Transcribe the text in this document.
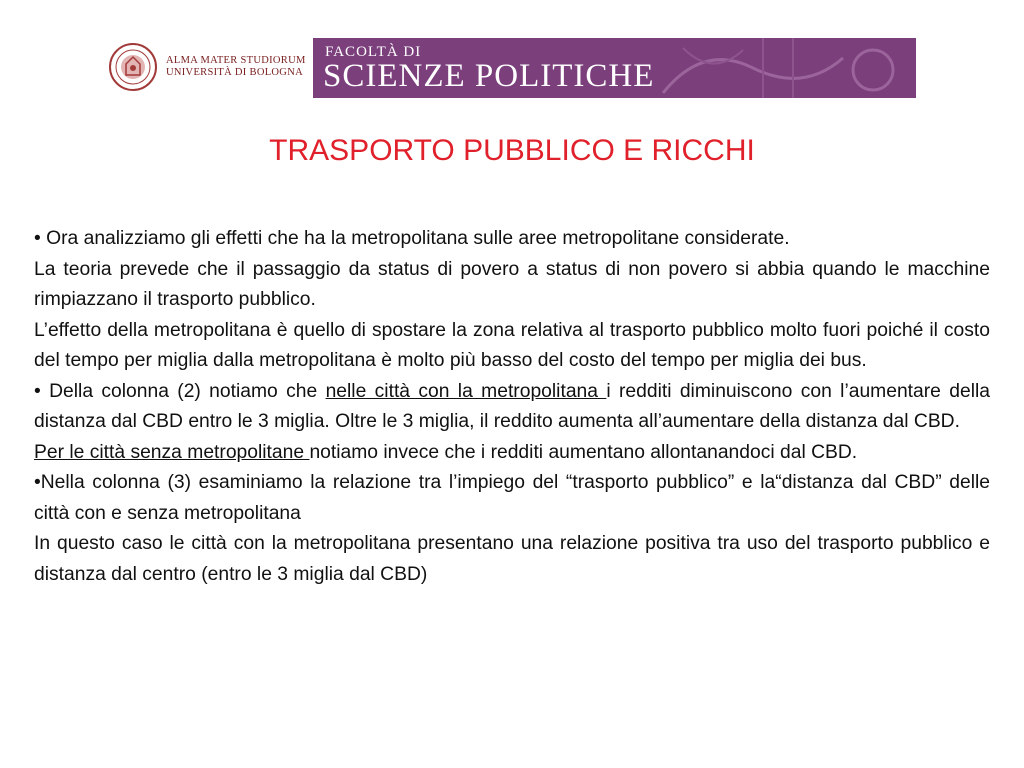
ALMA MATER STUDIORUM
UNIVERSITÀ DI BOLOGNA
FACOLTÀ DI
SCIENZE POLITICHE
TRASPORTO PUBBLICO E RICCHI

• Ora analizziamo gli effetti che ha la metropolitana sulle aree metropolitane considerate.

La teoria prevede che il passaggio da status di povero a status di non povero si abbia quando le macchine rimpiazzano il trasporto pubblico.

L’effetto della metropolitana è quello di spostare la zona relativa al trasporto pubblico molto fuori poiché il costo del tempo per miglia dalla metropolitana è molto più basso del costo del tempo per miglia dei bus.

• Della colonna (2) notiamo che nelle città con la metropolitana i redditi diminuiscono con l’aumentare della distanza dal CBD entro le 3 miglia. Oltre le 3 miglia, il reddito aumenta all’aumentare della distanza dal CBD.

Per le città senza metropolitane notiamo invece che i redditi aumentano allontanandoci dal CBD.

•Nella colonna (3) esaminiamo la relazione tra l’impiego del “trasporto pubblico” e la“distanza dal CBD” delle città con e senza metropolitana

In questo caso le città con la metropolitana presentano una relazione positiva tra uso del trasporto pubblico e distanza dal centro (entro le 3 miglia dal CBD)
